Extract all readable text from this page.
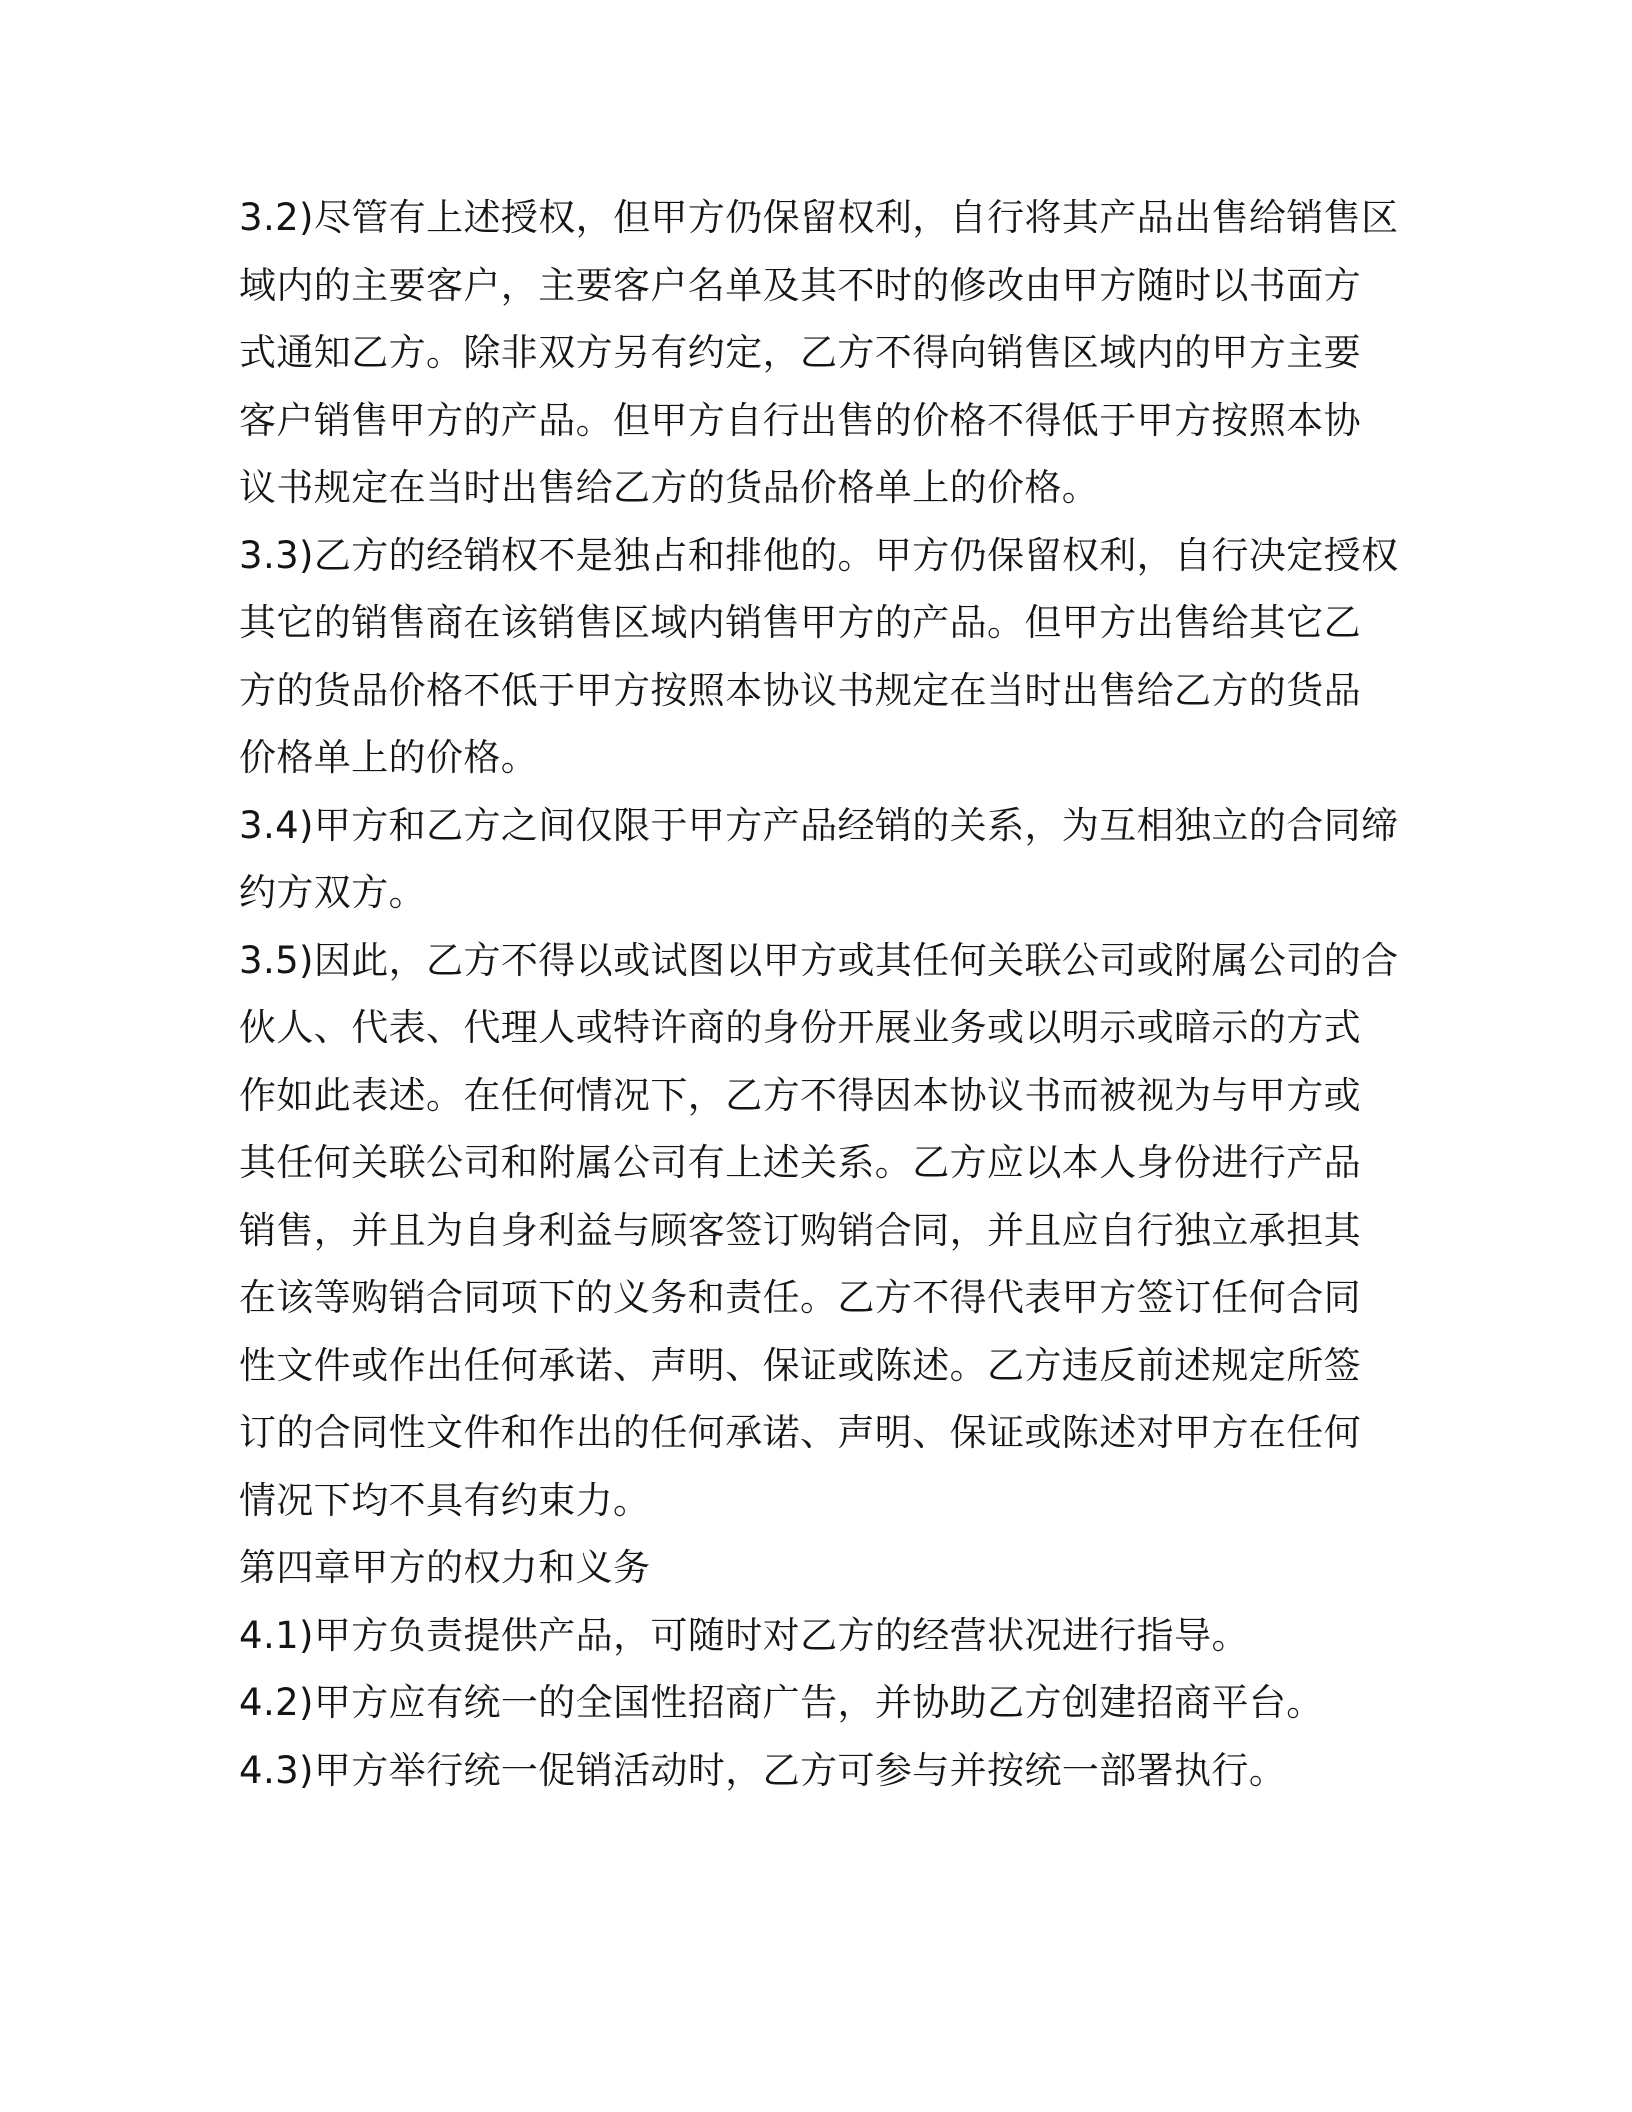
3.2)尽管有上述授权，但甲方仍保留权利，自行将其产品出售给销售区
域内的主要客户，主要客户名单及其不时的修改由甲方随时以书面方
式通知乙方。除非双方另有约定，乙方不得向销售区域内的甲方主要
客户销售甲方的产品。但甲方自行出售的价格不得低于甲方按照本协
议书规定在当时出售给乙方的货品价格单上的价格。
3.3)乙方的经销权不是独占和排他的。甲方仍保留权利，自行决定授权
其它的销售商在该销售区域内销售甲方的产品。但甲方出售给其它乙
方的货品价格不低于甲方按照本协议书规定在当时出售给乙方的货品
价格单上的价格。
3.4)甲方和乙方之间仅限于甲方产品经销的关系，为互相独立的合同缔
约方双方。
3.5)因此，乙方不得以或试图以甲方或其任何关联公司或附属公司的合
伙人、代表、代理人或特许商的身份开展业务或以明示或暗示的方式
作如此表述。在任何情况下，乙方不得因本协议书而被视为与甲方或
其任何关联公司和附属公司有上述关系。乙方应以本人身份进行产品
销售，并且为自身利益与顾客签订购销合同，并且应自行独立承担其
在该等购销合同项下的义务和责任。乙方不得代表甲方签订任何合同
性文件或作出任何承诺、声明、保证或陈述。乙方违反前述规定所签
订的合同性文件和作出的任何承诺、声明、保证或陈述对甲方在任何
情况下均不具有约束力。
第四章甲方的权力和义务
4.1)甲方负责提供产品，可随时对乙方的经营状况进行指导。
4.2)甲方应有统一的全国性招商广告，并协助乙方创建招商平台。
4.3)甲方举行统一促销活动时，乙方可参与并按统一部署执行。
